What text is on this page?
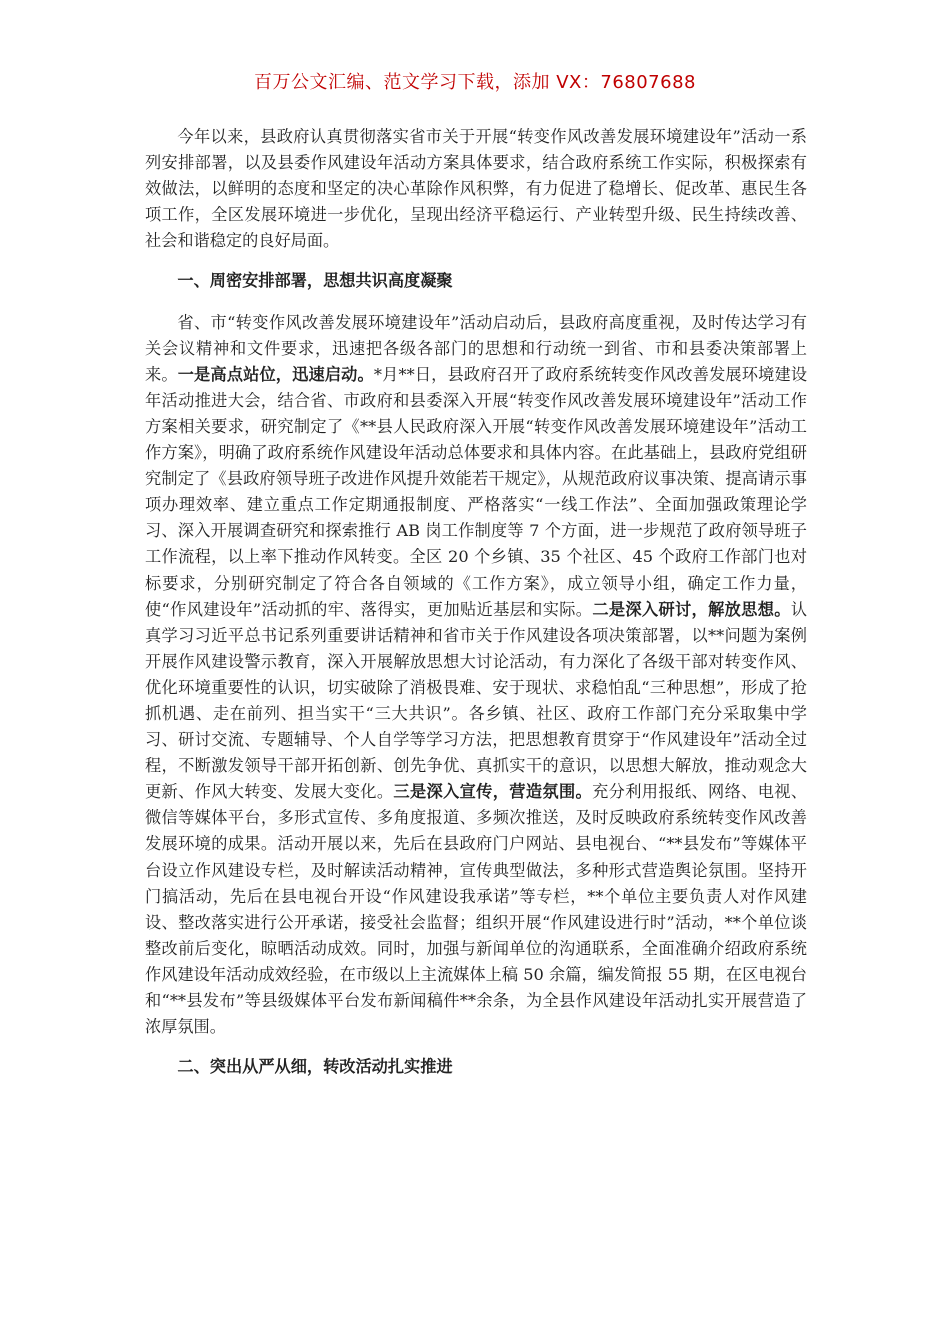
百万公文汇编、范文学习下载，添加 VX：76807688

今年以来，县政府认真贯彻落实省市关于开展“转变作风改善发展环境建设年”活动一系列安排部署，以及县委作风建设年活动方案具体要求，结合政府系统工作实际，积极探索有效做法，以鲜明的态度和坚定的决心革除作风积弊，有力促进了稳增长、促改革、惠民生各项工作，全区发展环境进一步优化，呈现出经济平稳运行、产业转型升级、民生持续改善、社会和谐稳定的良好局面。

一、周密安排部署，思想共识高度凝聚

省、市“转变作风改善发展环境建设年”活动启动后，县政府高度重视，及时传达学习有关会议精神和文件要求，迅速把各级各部门的思想和行动统一到省、市和县委决策部署上来。一是高点站位，迅速启动。*月**日，县政府召开了政府系统转变作风改善发展环境建设年活动推进大会，结合省、市政府和县委深入开展“转变作风改善发展环境建设年”活动工作方案相关要求，研究制定了《**县人民政府深入开展“转变作风改善发展环境建设年”活动工作方案》，明确了政府系统作风建设年活动总体要求和具体内容。在此基础上，县政府党组研究制定了《县政府领导班子改进作风提升效能若干规定》，从规范政府议事决策、提高请示事项办理效率、建立重点工作定期通报制度、严格落实“一线工作法”、全面加强政策理论学习、深入开展调查研究和探索推行 AB 岗工作制度等 7 个方面，进一步规范了政府领导班子工作流程，以上率下推动作风转变。全区 20 个乡镇、35 个社区、45 个政府工作部门也对标要求，分别研究制定了符合各自领域的《工作方案》，成立领导小组，确定工作力量，使“作风建设年”活动抓的牢、落得实，更加贴近基层和实际。二是深入研讨，解放思想。认真学习习近平总书记系列重要讲话精神和省市关于作风建设各项决策部署，以**问题为案例开展作风建设警示教育，深入开展解放思想大讨论活动，有力深化了各级干部对转变作风、优化环境重要性的认识，切实破除了消极畏难、安于现状、求稳怕乱“三种思想”，形成了抢抓机遇、走在前列、担当实干“三大共识”。各乡镇、社区、政府工作部门充分采取集中学习、研讨交流、专题辅导、个人自学等学习方法，把思想教育贯穿于“作风建设年”活动全过程，不断激发领导干部开拓创新、创先争优、真抓实干的意识，以思想大解放，推动观念大更新、作风大转变、发展大变化。三是深入宣传，营造氛围。充分利用报纸、网络、电视、微信等媒体平台，多形式宣传、多角度报道、多频次推送，及时反映政府系统转变作风改善发展环境的成果。活动开展以来，先后在县政府门户网站、县电视台、“**县发布”等媒体平台设立作风建设专栏，及时解读活动精神，宣传典型做法，多种形式营造舆论氛围。坚持开门搞活动，先后在县电视台开设“作风建设我承诺”等专栏，**个单位主要负责人对作风建设、整改落实进行公开承诺，接受社会监督；组织开展“作风建设进行时”活动，**个单位谈整改前后变化，晾晒活动成效。同时，加强与新闻单位的沟通联系，全面准确介绍政府系统作风建设年活动成效经验，在市级以上主流媒体上稿 50 余篇，编发简报 55 期，在区电视台和“**县发布”等县级媒体平台发布新闻稿件**余条，为全县作风建设年活动扎实开展营造了浓厚氛围。

二、突出从严从细，转改活动扎实推进
